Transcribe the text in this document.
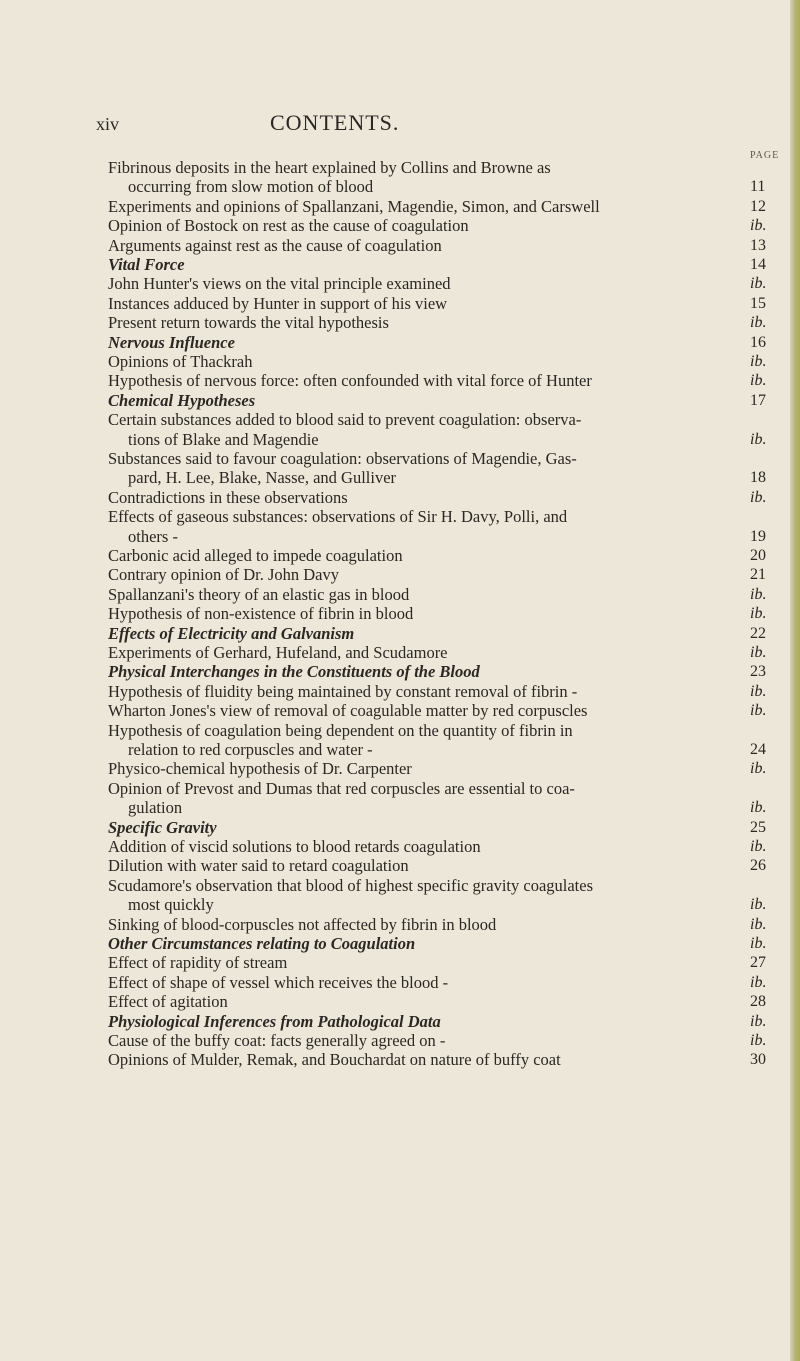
xiv	CONTENTS.
PAGE
Fibrinous deposits in the heart explained by Collins and Browne as
occurring from slow motion of blood	11
Experiments and opinions of Spallanzani, Magendie, Simon, and Carswell	12
Opinion of Bostock on rest as the cause of coagulation	ib.
Arguments against rest as the cause of coagulation	13
Vital Force	14
John Hunter's views on the vital principle examined	ib.
Instances adduced by Hunter in support of his view	15
Present return towards the vital hypothesis	ib.
Nervous Influence	16
Opinions of Thackrah	ib.
Hypothesis of nervous force: often confounded with vital force of Hunter	ib.
Chemical Hypotheses	17
Certain substances added to blood said to prevent coagulation: observa-
tions of Blake and Magendie	ib.
Substances said to favour coagulation: observations of Magendie, Gas-
pard, H. Lee, Blake, Nasse, and Gulliver	18
Contradictions in these observations	ib.
Effects of gaseous substances: observations of Sir H. Davy, Polli, and
others -	19
Carbonic acid alleged to impede coagulation	20
Contrary opinion of Dr. John Davy	21
Spallanzani's theory of an elastic gas in blood	ib.
Hypothesis of non-existence of fibrin in blood	ib.
Effects of Electricity and Galvanism	22
Experiments of Gerhard, Hufeland, and Scudamore	ib.
Physical Interchanges in the Constituents of the Blood	23
Hypothesis of fluidity being maintained by constant removal of fibrin -	ib.
Wharton Jones's view of removal of coagulable matter by red corpuscles	ib.
Hypothesis of coagulation being dependent on the quantity of fibrin in
relation to red corpuscles and water -	24
Physico-chemical hypothesis of Dr. Carpenter	ib.
Opinion of Prevost and Dumas that red corpuscles are essential to coa-
gulation	ib.
Specific Gravity	25
Addition of viscid solutions to blood retards coagulation	ib.
Dilution with water said to retard coagulation	26
Scudamore's observation that blood of highest specific gravity coagulates
most quickly	ib.
Sinking of blood-corpuscles not affected by fibrin in blood	ib.
Other Circumstances relating to Coagulation	ib.
Effect of rapidity of stream	27
Effect of shape of vessel which receives the blood -	ib.
Effect of agitation	28
Physiological Inferences from Pathological Data	ib.
Cause of the buffy coat: facts generally agreed on -	ib.
Opinions of Mulder, Remak, and Bouchardat on nature of buffy coat	30
